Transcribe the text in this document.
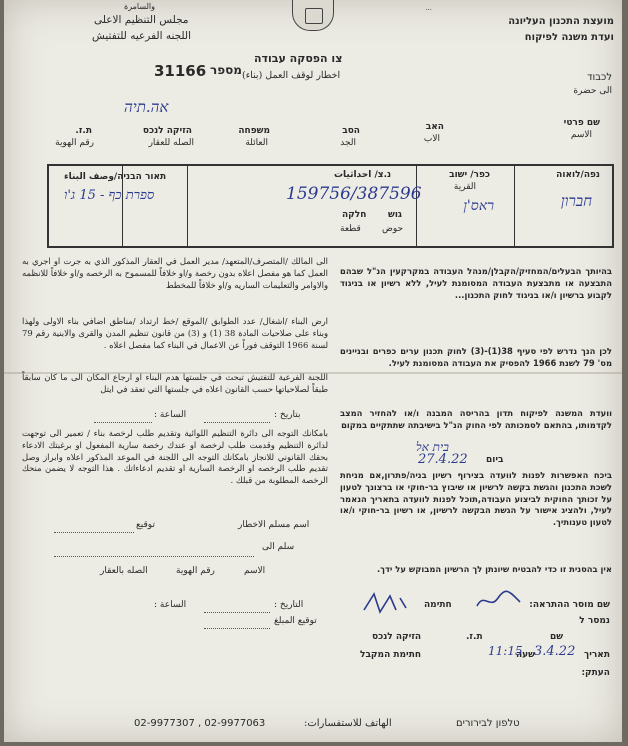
...
מועצת התכנון העליונה
ועדת משנה לפיקוח
والسامرة
مجلس التنظيم الاعلى
اللجنه الفرعيه للتفتيش
צו הפסקה עבודה
اخطار لوقف العمل (بناء)
31166 מספר
לכבוד
الى حضرة
אה.תיה
שם פרטי
الاسم
האב
الاب
הסב
الجد
משפחה
العائلة
הזיקה לנכס
الصله للعقار
ת.ז.
رقم الهوية
נפה/לואוה
חברון
כפר/ ישוב
القرية
ראס'ן
נ.צ/ احداثيات
159756/387596
גוש
חלקה
حوض
قطعة
תאור הבניה/وصف البناء
ספרת כף - 15 ג'ו
בהיותך הבעלים/המחזיק/הקבלן/מנהל העבודה במקרקעין הנ"ל שבהם התבצעה או מתבצעת העבודה המסומנת לעיל, ללא רשיון או בניגוד לקבוע ברשיון ו/או בניגוד לחוק התכנון...
לכן הנך נדרש לפי סעיף 38(1)-(3) לחוק תכנון ערים כפרים ובניינים מס' 79 לשנת 1966 להפסיק את העבודה המסומנת לעיל.
וועדת המשנה לפיקוח תדון בהריסה המבנה ו/או להחזיר המצב לקדמותו, בהתאם לסמכותה לפי החוק הנ"ל בישיבתה שתתקיים במקום
בית אל
ביום
27.4.22
ביכח האפשרות לפנות לוועדה בצירוף רשיון בניה/פתרון,אם מניחת לשכת התכנון והגשת בקשה לרשיון או שיבוץ בר-חוקי או ברצונך לטעון על זכותך החוקית לביצוע העבודה,תוכל לפנות לוועדה בתאריך הנאמר לעיל, ולהציג אישור על הגשת הבקשה לרשיון, או רשיון בר-חוקי ו/או לטעון טענותיך.
אין בהסנית זו כדי להבטיח שיונתן לך הרשיון המבוקש על ידך.
שם מוסר ההתראה:
חתימה
נמסר ל
שם
ת.ז.
הזיקה לנכס
תאריך
3.4.22
שעה
11:15
חתימת המקבל
העתק:
الى المالك /المتصرف/المتعهد/ مدير العمل في العقار المذكور الذي به جرت او اجري به العمل كما هو مفصل اعلاه بدون رخصة و/او خلافاً للمسموح به الرخصه و/او خلافاً للانظمه والاوامر والتعليمات الساريه و/او خلافاً للمخطط
ارض البناء /اشغال/ عدد الطوابق /الموقع /خط ارتداد /مناطق اضافي بناء الاولى ولهذا وبناء على صلاحيات المادة 38 (1) و (3) من قانون تنظيم المدن والقرى والابنية رقم 79 لسنة 1966 التوقف فوراً عن الاعمال في البناء كما مفصل اعلاه .
اللجنة الفرعية للتفتيش تبحث في جلستها هدم البناء او ارجاع المكان الى ما كان سابقاً طبقاً لصلاحياتها حسب القانون اعلاه في جلستها التي تعقد في ايتل
بتاريخ :
الساعة :
بامكانك التوجه الى دائرة التنظيم اللوائية وتقديم طلب لرخصة بناء / تعمير الى توجهت لدائرة التنظيم وقدمت طلب لرخصة او عندك رخصة سارية المفعول او برغبتك الادعاء بحقك القانوني للانجاز بامكانك التوجه الى اللجنة في الموعد المذكور اعلاه وابراز وصل تقديم طلب الرخصه او الرخصة السارية او تقديم ادعاءاتك . هذا التوجه لا يضمن منحك الرخصة المطلوبة من قبلك .
اسم مسلم الاخطار
توقيع
سلم الى
الاسم
رقم الهوية
الصله بالعقار
التاريخ :
الساعة :
توقيع المبلغ
02-9977307 , 02-9977063	الهاتف للاستفسارات:	טלפון לבירורים
